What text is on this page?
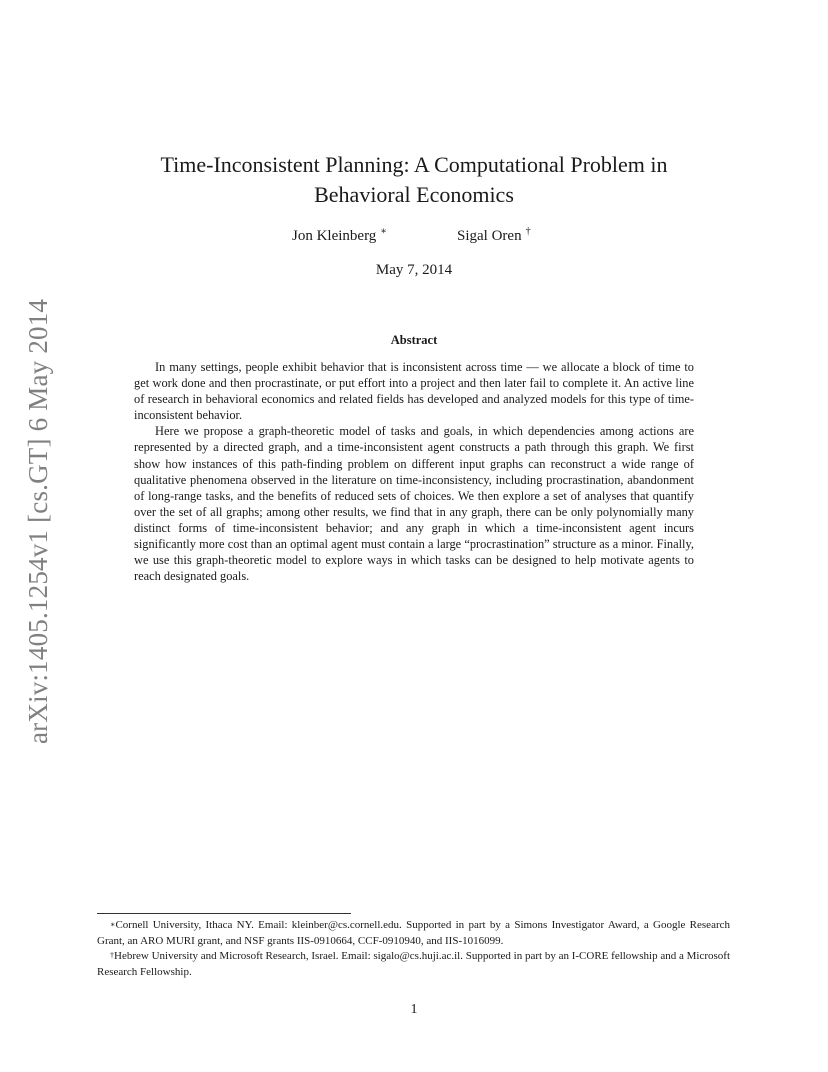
arXiv:1405.1254v1 [cs.GT] 6 May 2014
Time-Inconsistent Planning: A Computational Problem in Behavioral Economics
Jon Kleinberg ∗	Sigal Oren †
May 7, 2014
Abstract

In many settings, people exhibit behavior that is inconsistent across time — we allocate a block of time to get work done and then procrastinate, or put effort into a project and then later fail to complete it. An active line of research in behavioral economics and related fields has developed and analyzed models for this type of time-inconsistent behavior.

Here we propose a graph-theoretic model of tasks and goals, in which dependencies among actions are represented by a directed graph, and a time-inconsistent agent constructs a path through this graph. We first show how instances of this path-finding problem on different input graphs can reconstruct a wide range of qualitative phenomena observed in the literature on time-inconsistency, including procrastination, abandonment of long-range tasks, and the benefits of reduced sets of choices. We then explore a set of analyses that quantify over the set of all graphs; among other results, we find that in any graph, there can be only polynomially many distinct forms of time-inconsistent behavior; and any graph in which a time-inconsistent agent incurs significantly more cost than an optimal agent must contain a large “procrastination” structure as a minor. Finally, we use this graph-theoretic model to explore ways in which tasks can be designed to help motivate agents to reach designated goals.

∗Cornell University, Ithaca NY. Email: kleinber@cs.cornell.edu. Supported in part by a Simons Investigator Award, a Google Research Grant, an ARO MURI grant, and NSF grants IIS-0910664, CCF-0910940, and IIS-1016099.

†Hebrew University and Microsoft Research, Israel. Email: sigalo@cs.huji.ac.il. Supported in part by an I-CORE fellowship and a Microsoft Research Fellowship.

1
